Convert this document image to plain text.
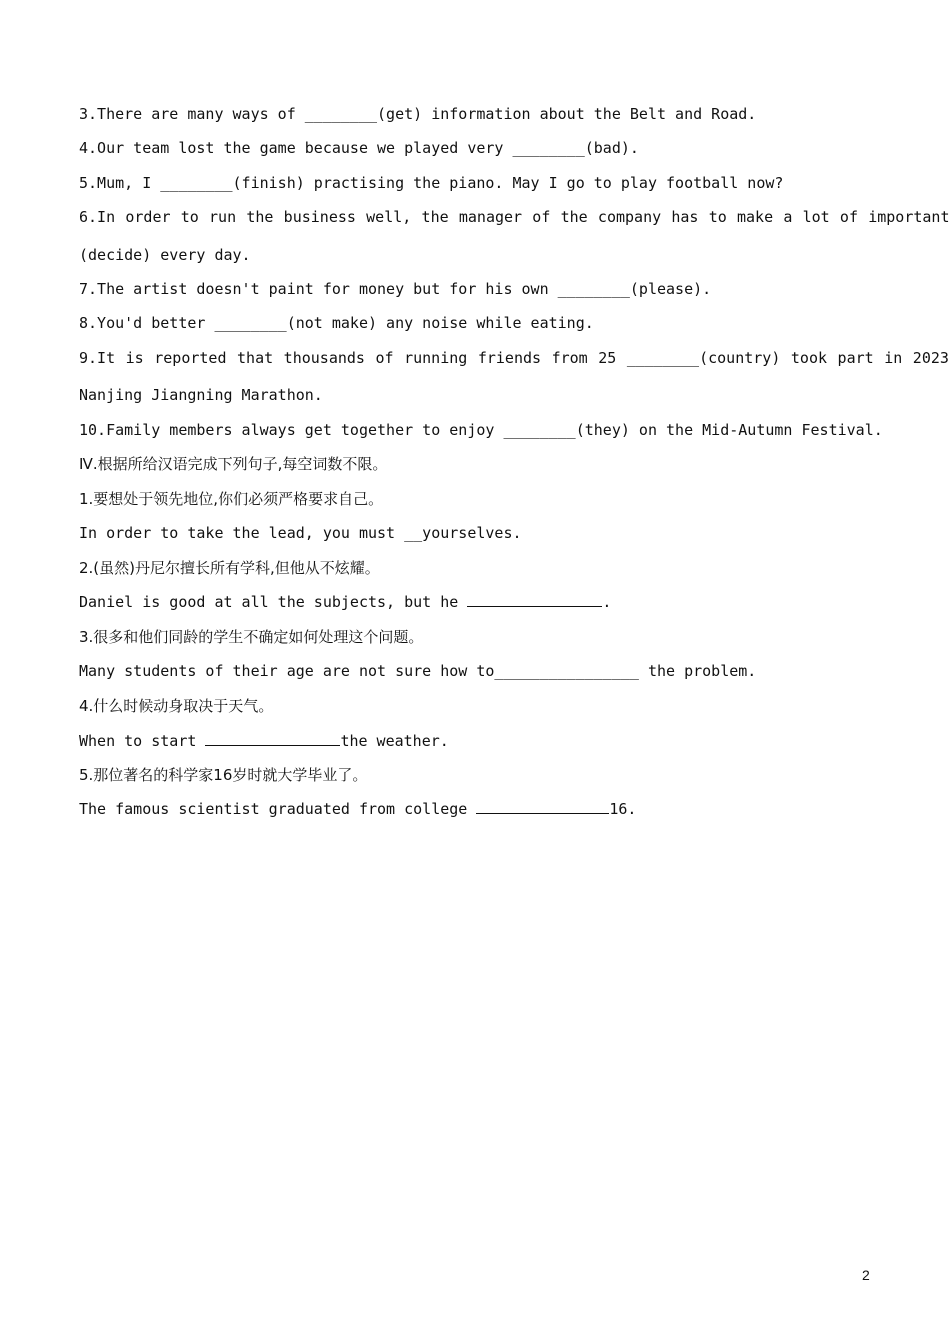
3.There are many ways of ________(get) information about the Belt and Road.
4.Our team lost the game because we played very ________(bad).
5.Mum, I ________(finish) practising the piano. May I go to play football now?
6.In order to run the business well, the manager of the company has to make a lot of important
(decide) every day.
7.The artist doesn't paint for money but for his own ________(please).
8.You'd better ________(not make) any noise while eating.
9.It is reported that thousands of running friends from 25 ________(country) took part in 2023
Nanjing Jiangning Marathon.
10.Family members always get together to enjoy ________(they) on the Mid-Autumn Festival.
Ⅳ.根据所给汉语完成下列句子,每空词数不限。
1.要想处于领先地位,你们必须严格要求自己。
In order to take the lead, you must __yourselves.
2.(虽然)丹尼尔擅长所有学科,但他从不炫耀。
Daniel is good at all the subjects, but he	.
3.很多和他们同龄的学生不确定如何处理这个问题。
Many students of their age are not sure how to________________ the problem.
4.什么时候动身取决于天气。
When to start	the weather.
5.那位著名的科学家16岁时就大学毕业了。
The famous scientist graduated from college	16.
2
